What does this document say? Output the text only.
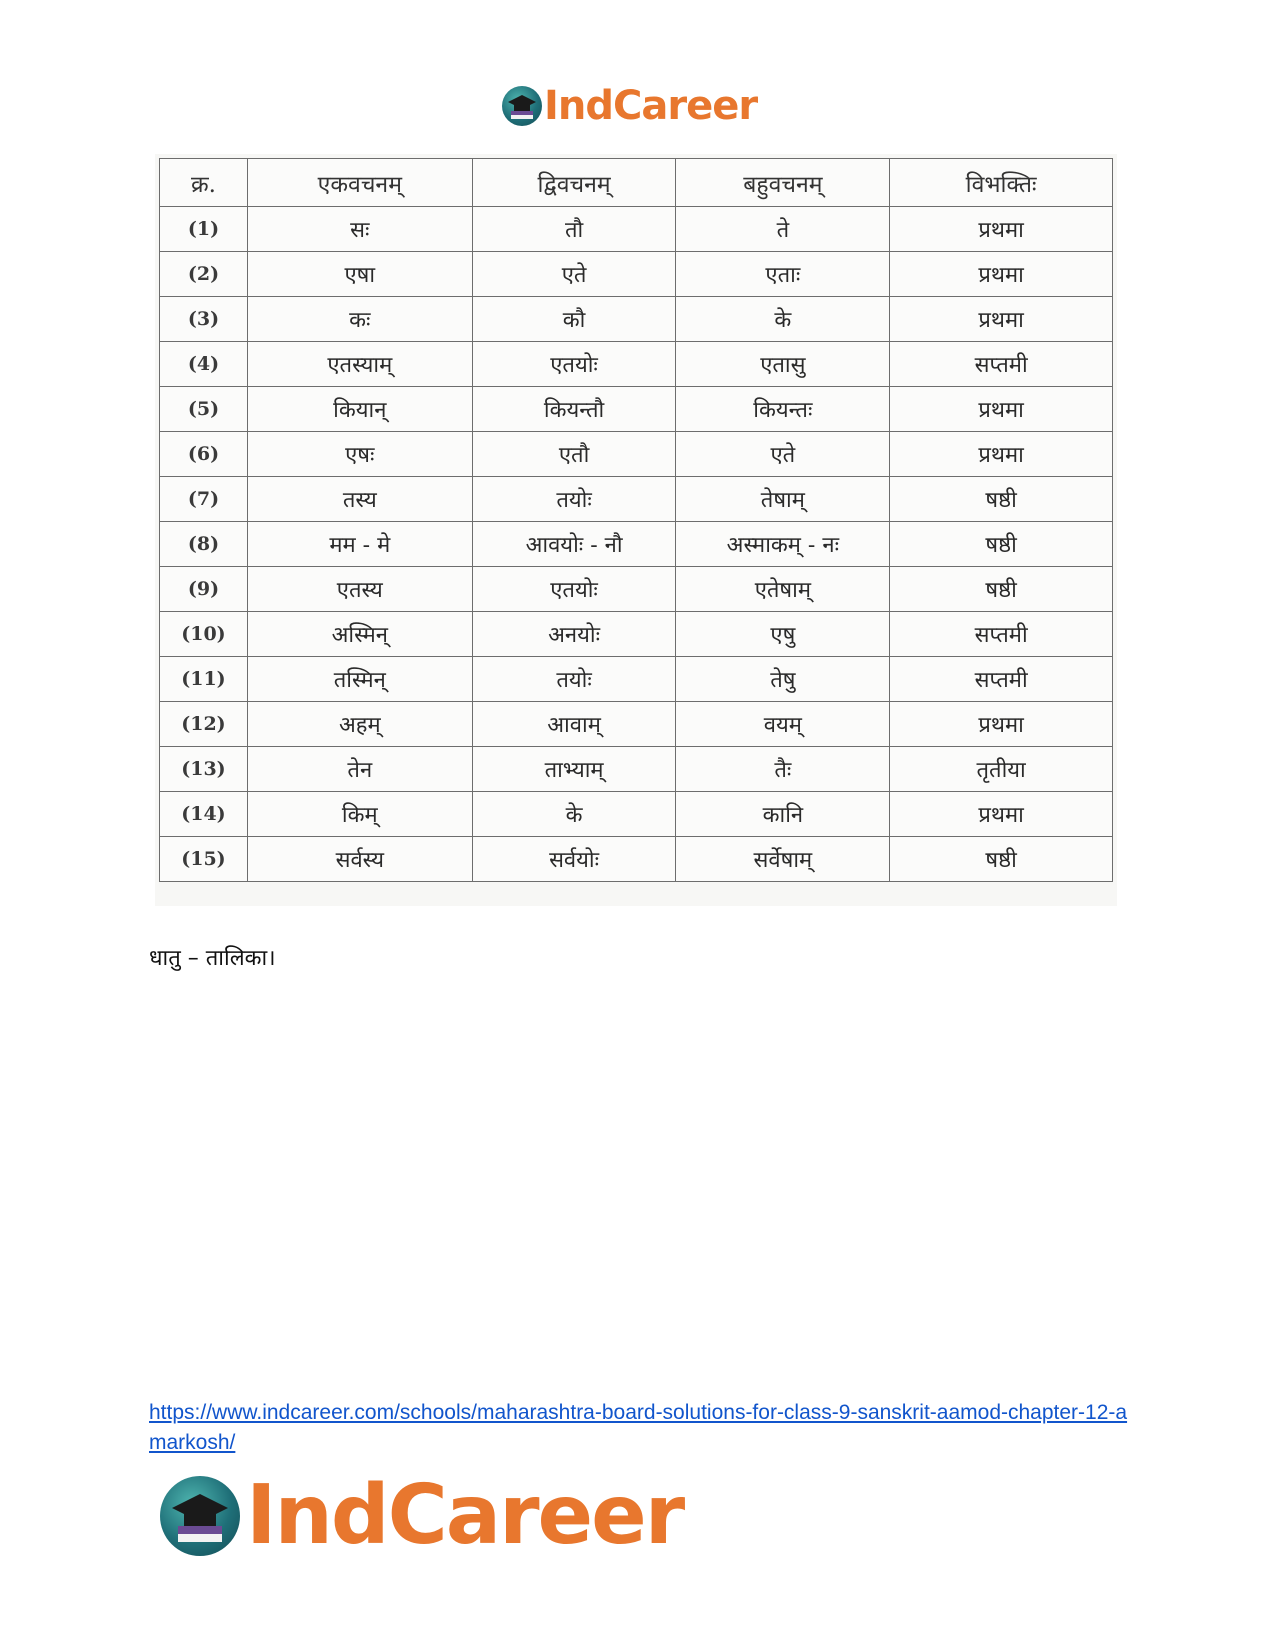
IndCareer
क्र.	एकवचनम्	द्विवचनम्	बहुवचनम्	विभक्तिः
(1)	सः	तौ	ते	प्रथमा
(2)	एषा	एते	एताः	प्रथमा
(3)	कः	कौ	के	प्रथमा
(4)	एतस्याम्	एतयोः	एतासु	सप्तमी
(5)	कियान्	कियन्तौ	कियन्तः	प्रथमा
(6)	एषः	एतौ	एते	प्रथमा
(7)	तस्य	तयोः	तेषाम्	षष्ठी
(8)	मम - मे	आवयोः - नौ	अस्माकम् - नः	षष्ठी
(9)	एतस्य	एतयोः	एतेषाम्	षष्ठी
(10)	अस्मिन्	अनयोः	एषु	सप्तमी
(11)	तस्मिन्	तयोः	तेषु	सप्तमी
(12)	अहम्	आवाम्	वयम्	प्रथमा
(13)	तेन	ताभ्याम्	तैः	तृतीया
(14)	किम्	के	कानि	प्रथमा
(15)	सर्वस्य	सर्वयोः	सर्वेषाम्	षष्ठी
धातु – तालिका।
https://www.indcareer.com/schools/maharashtra-board-solutions-for-class-9-sanskrit-aamod-chapter-12-amarkosh/
IndCareer
